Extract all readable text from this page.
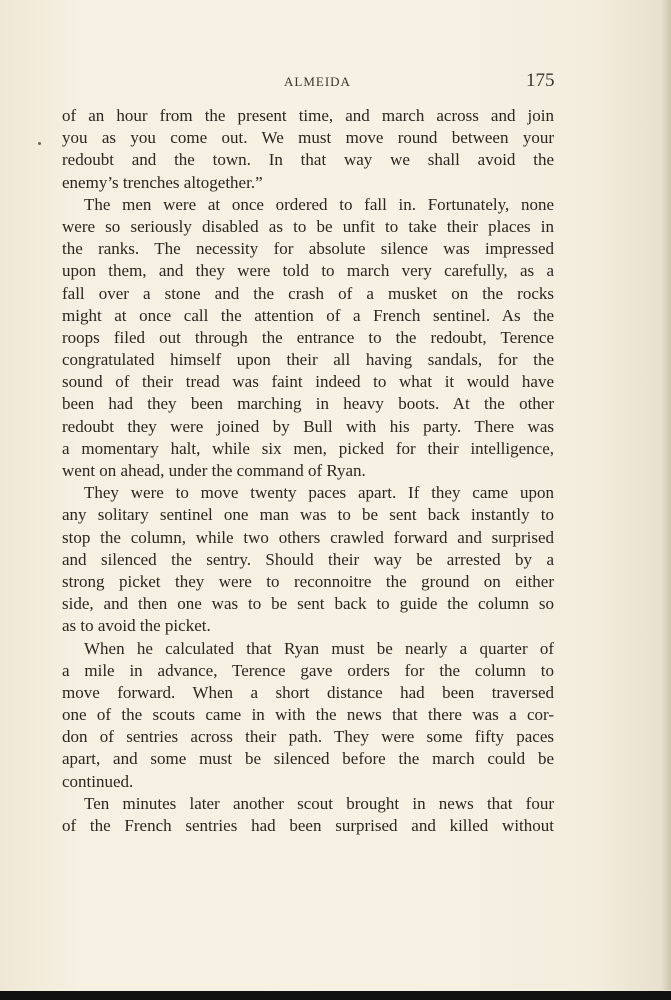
ALMEIDA	175
of an hour from the present time, and march across and join
you as you come out. We must move round between your
redoubt and the town. In that way we shall avoid the
enemy’s trenches altogether.”
The men were at once ordered to fall in. Fortunately, none
were so seriously disabled as to be unfit to take their places in
the ranks. The necessity for absolute silence was impressed
upon them, and they were told to march very carefully, as a
fall over a stone and the crash of a musket on the rocks
might at once call the attention of a French sentinel. As the
roops filed out through the entrance to the redoubt, Terence
congratulated himself upon their all having sandals, for the
sound of their tread was faint indeed to what it would have
been had they been marching in heavy boots. At the other
redoubt they were joined by Bull with his party. There was
a momentary halt, while six men, picked for their intelligence,
went on ahead, under the command of Ryan.
They were to move twenty paces apart. If they came upon
any solitary sentinel one man was to be sent back instantly to
stop the column, while two others crawled forward and surprised
and silenced the sentry. Should their way be arrested by a
strong picket they were to reconnoitre the ground on either
side, and then one was to be sent back to guide the column so
as to avoid the picket.
When he calculated that Ryan must be nearly a quarter of
a mile in advance, Terence gave orders for the column to
move forward. When a short distance had been traversed
one of the scouts came in with the news that there was a cor-
don of sentries across their path. They were some fifty paces
apart, and some must be silenced before the march could be
continued.
Ten minutes later another scout brought in news that four
of the French sentries had been surprised and killed without
